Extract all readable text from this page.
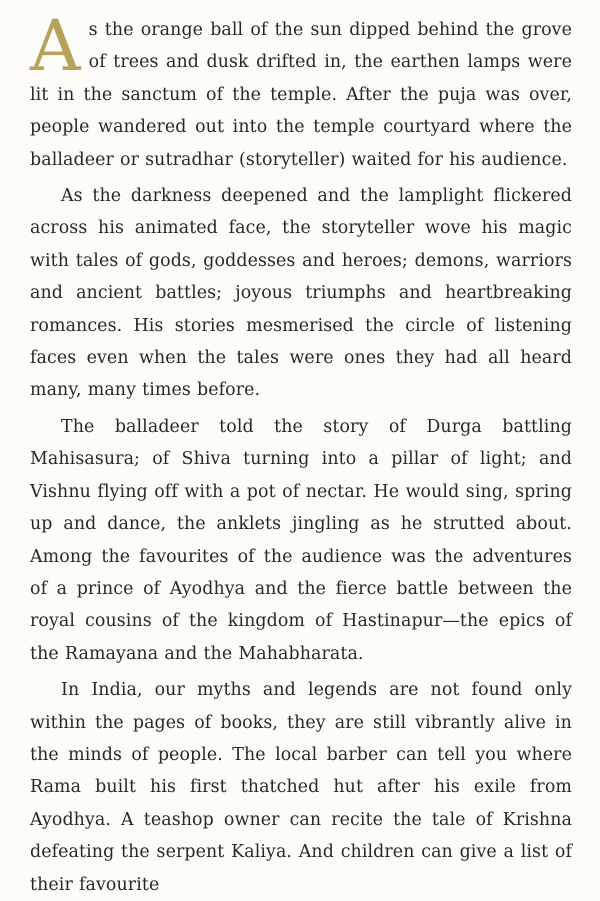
As the orange ball of the sun dipped behind the grove of trees and dusk drifted in, the earthen lamps were lit in the sanctum of the temple. After the puja was over, people wandered out into the temple courtyard where the balladeer or sutradhar (storyteller) waited for his audience.

As the darkness deepened and the lamplight flickered across his animated face, the storyteller wove his magic with tales of gods, goddesses and heroes; demons, warriors and ancient battles; joyous triumphs and heartbreaking romances. His stories mesmerised the circle of listening faces even when the tales were ones they had all heard many, many times before.

The balladeer told the story of Durga battling Mahisasura; of Shiva turning into a pillar of light; and Vishnu flying off with a pot of nectar. He would sing, spring up and dance, the anklets jingling as he strutted about. Among the favourites of the audience was the adventures of a prince of Ayodhya and the fierce battle between the royal cousins of the kingdom of Hastinapur—the epics of the Ramayana and the Mahabharata.

In India, our myths and legends are not found only within the pages of books, they are still vibrantly alive in the minds of people. The local barber can tell you where Rama built his first thatched hut after his exile from Ayodhya. A teashop owner can recite the tale of Krishna defeating the serpent Kaliya. And children can give a list of their favourite
